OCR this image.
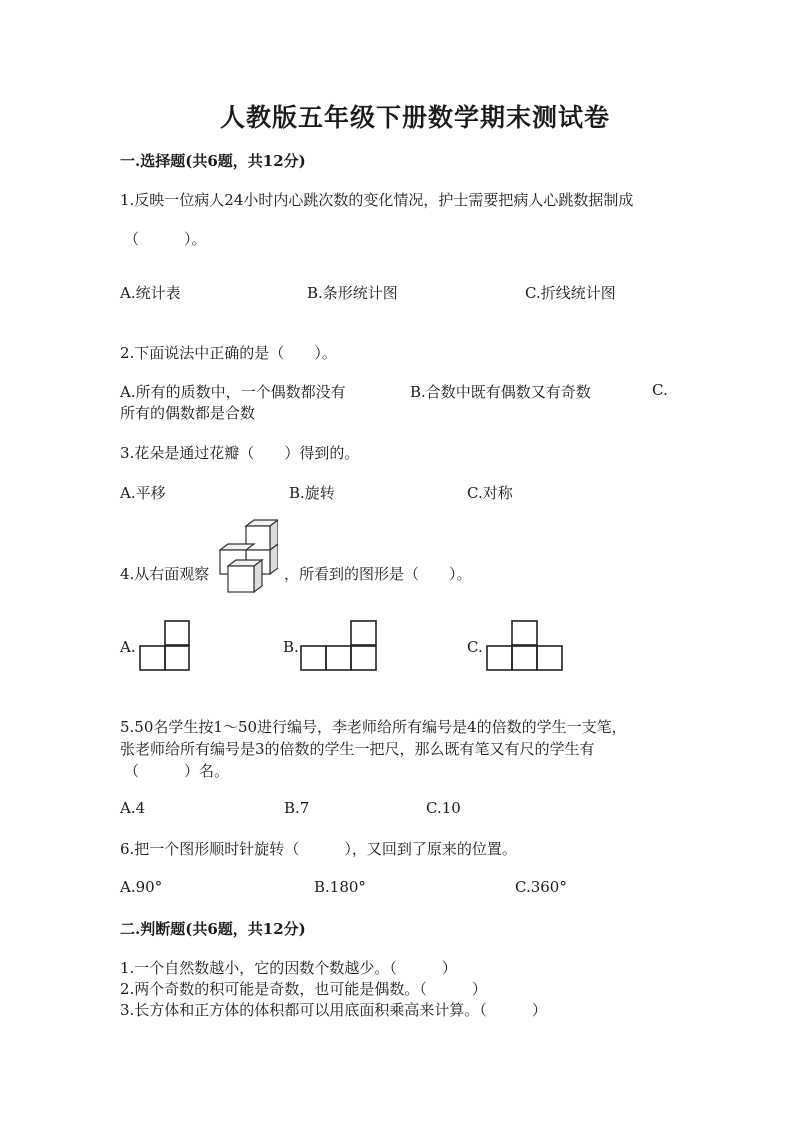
人教版五年级下册数学期末测试卷
一.选择题(共6题，共12分)
1.反映一位病人24小时内心跳次数的变化情况，护士需要把病人心跳数据制成
（　　　）。
A.统计表	B.条形统计图	C.折线统计图
2.下面说法中正确的是（　　）。
A.所有的质数中，一个偶数都没有	B.合数中既有偶数又有奇数	C.
所有的偶数都是合数
3.花朵是通过花瓣（　　）得到的。
A.平移	B.旋转	C.对称
4.从右面观察	，所看到的图形是（　　）。
A.	B.	C.
5.50名学生按1～50进行编号，李老师给所有编号是4的倍数的学生一支笔，
张老师给所有编号是3的倍数的学生一把尺，那么既有笔又有尺的学生有
（　　　）名。
A.4	B.7	C.10
6.把一个图形顺时针旋转（　　　），又回到了原来的位置。
A.90°	B.180°	C.360°
二.判断题(共6题，共12分)
1.一个自然数越小，它的因数个数越少。（　　　）
2.两个奇数的积可能是奇数，也可能是偶数。（　　　）
3.长方体和正方体的体积都可以用底面积乘高来计算。（　　　）
